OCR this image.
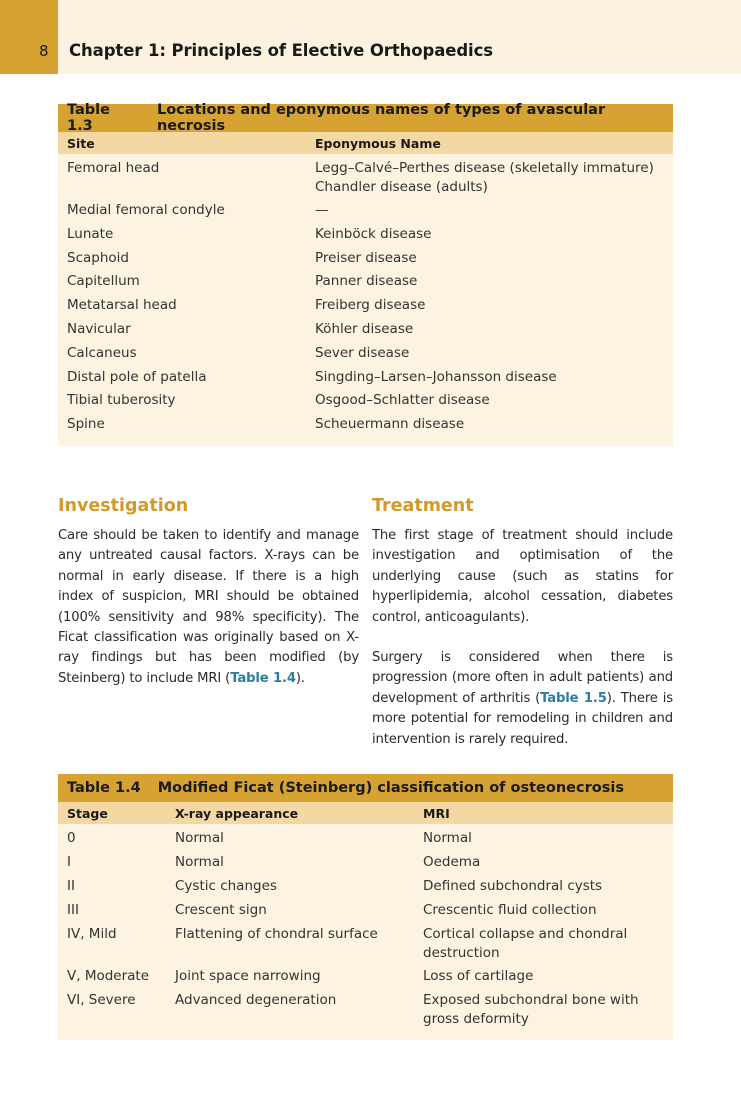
8 Chapter 1: Principles of Elective Orthopaedics
Table 1.3
Locations and eponymous names of types of avascular necrosis
Site	Eponymous Name
Femoral head	Legg–Calvé–Perthes disease (skeletally immature)
Chandler disease (adults)
Medial femoral condyle	—
Lunate	Keinböck disease
Scaphoid	Preiser disease
Capitellum	Panner disease
Metatarsal head	Freiberg disease
Navicular	Köhler disease
Calcaneus	Sever disease
Distal pole of patella	Singding–Larsen–Johansson disease
Tibial tuberosity	Osgood–Schlatter disease
Spine	Scheuermann disease
Investigation

Care should be taken to identify and manage any untreated causal factors. X-rays can be normal in early disease. If there is a high index of suspicion, MRI should be obtained (100% sensitivity and 98% specificity). The Ficat classification was originally based on X-ray findings but has been modified (by Steinberg) to include MRI (Table 1.4).

Treatment

The first stage of treatment should include investigation and optimisation of the underlying cause (such as statins for hyperlipidemia, alcohol cessation, diabetes control, anticoagulants).

Surgery is considered when there is progression (more often in adult patients) and development of arthritis (Table 1.5). There is more potential for remodeling in children and intervention is rarely required.

Table 1.4 Modified Ficat (Steinberg) classification of osteonecrosis
Stage	X-ray appearance	MRI
0	Normal	Normal
I	Normal	Oedema
II	Cystic changes	Defined subchondral cysts
III	Crescent sign	Crescentic fluid collection
IV, Mild	Flattening of chondral surface	Cortical collapse and chondral
destruction
V, Moderate	Joint space narrowing	Loss of cartilage
VI, Severe	Advanced degeneration	Exposed subchondral bone with
gross deformity
